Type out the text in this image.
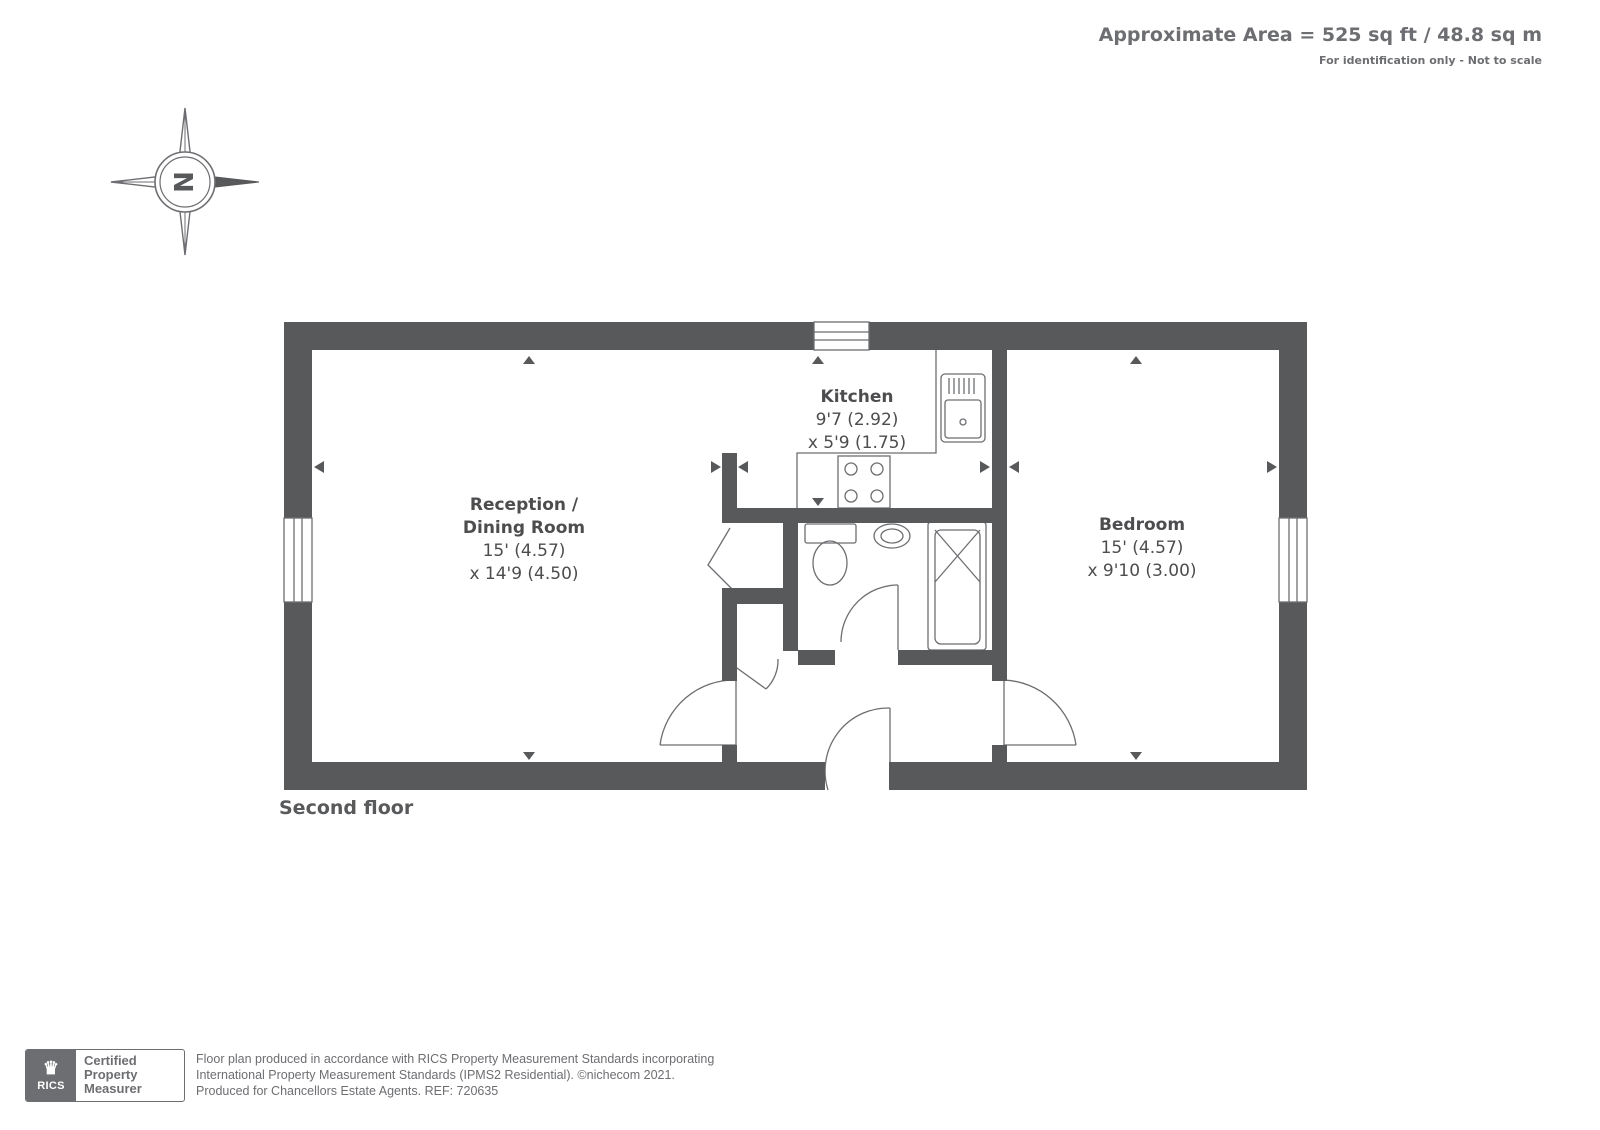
Approximate Area = 525 sq ft / 48.8 sq m
For identification only - Not to scale
N
Reception /
Dining Room
15' (4.57)
x 14'9 (4.50)
Kitchen
9'7 (2.92)
x 5'9 (1.75)
Bedroom
15' (4.57)
x 9'10 (3.00)
Second floor
♛
RICS
Certified
Property
Measurer
Floor plan produced in accordance with RICS Property Measurement Standards incorporating
International Property Measurement Standards (IPMS2 Residential). ©nichecom 2021.
Produced for Chancellors Estate Agents. REF: 720635
